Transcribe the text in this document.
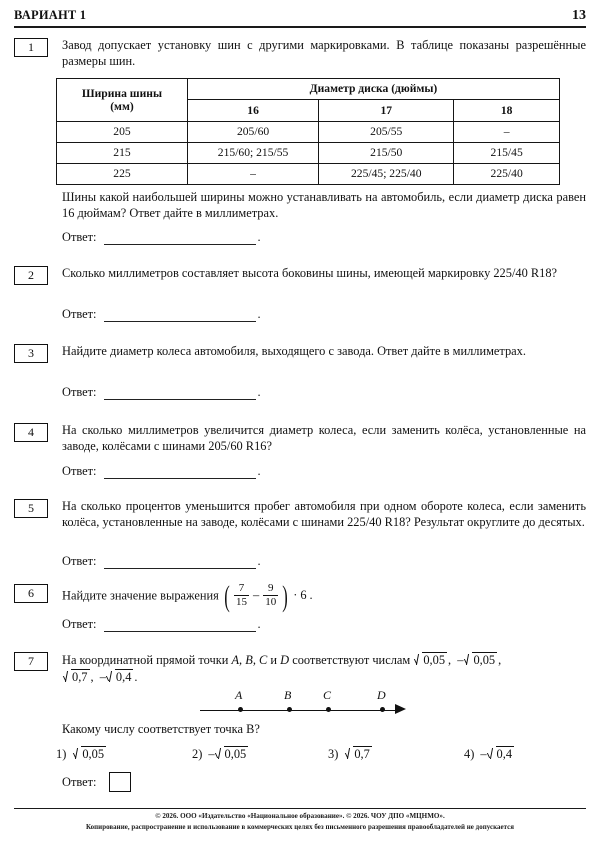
ВАРИАНТ 1	13
1	Завод допускает установку шин с другими маркировками. В таблице показаны разрешённые размеры шин.
Ширина шины
(мм)	Диаметр диска (дюймы)		
	16	17	18
205	205/60	205/55	–
215	215/60; 215/55	215/50	215/45
225	–	225/45; 225/40	225/40
Шины какой наибольшей ширины можно устанавливать на автомобиль, если диаметр диска равен 16 дюймам? Ответ дайте в миллиметрах.
Ответ:	.
2	Сколько миллиметров составляет высота боковины шины, имеющей маркировку 225/40 R18?
Ответ:	.
3	Найдите диаметр колеса автомобиля, выходящего с завода. Ответ дайте в миллиметрах.
Ответ:	.
4	На сколько миллиметров увеличится диаметр колеса, если заменить колёса, установленные на заводе, колёсами с шинами 205/60 R16?
Ответ:	.
5	На сколько процентов уменьшится пробег автомобиля при одном обороте колеса, если заменить колёса, установленные на заводе, колёсами с шинами 225/40 R18? Результат округлите до десятых.
Ответ:	.
6	Найдите значение выражения ( $\frac{7}{15} - \frac{9}{10}$ ) · 6 .
Ответ:	.
7	На координатной прямой точки A, B, C и D соответствуют числам 0,05 , – 0,05 ,
0,7 , – 0,4 .
A	B	C	D
Какому числу соответствует точка B?
1)	0,05	2) – 0,05	3)	0,7	4) – 0,4
Ответ:
© 2026. ООО «Издательство «Национальное образование». © 2026. ЧОУ ДПО «МЦНМО».
Копирование, распространение и использование в коммерческих целях без письменного разрешения правообладателей не допускается
